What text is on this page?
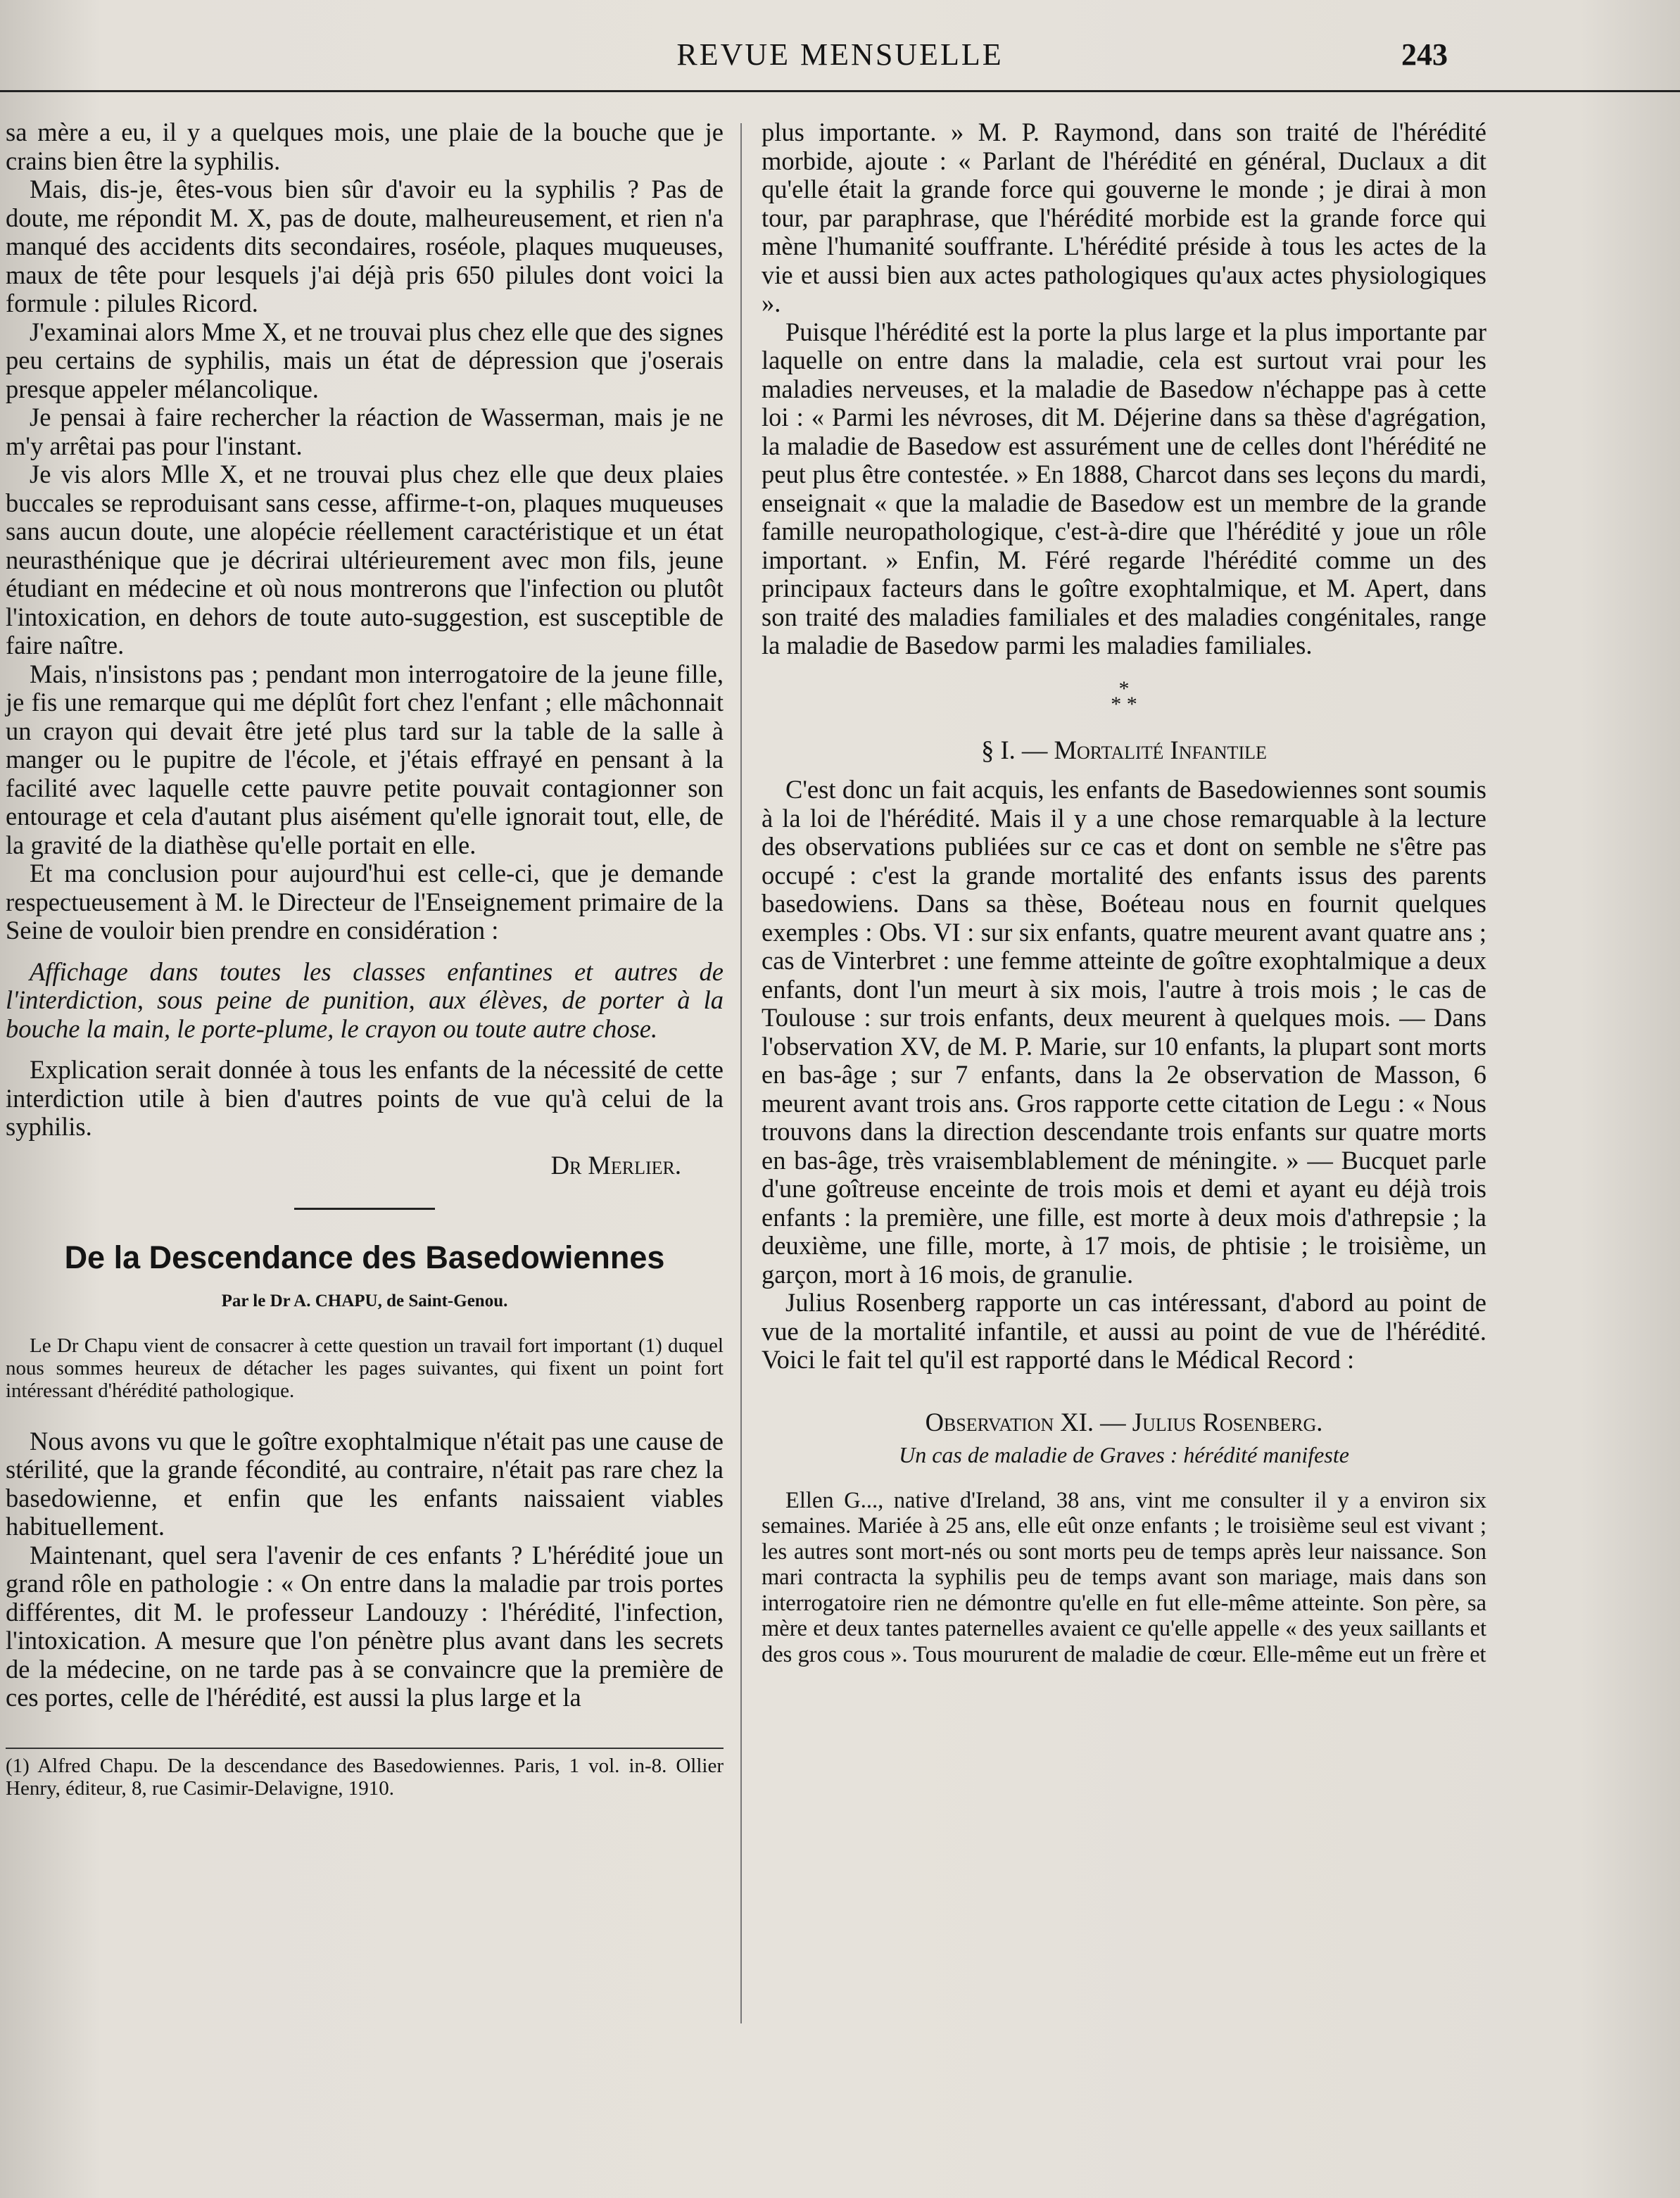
REVUE MENSUELLE	243

sa mère a eu, il y a quelques mois, une plaie de la bouche que je crains bien être la syphilis.

Mais, dis-je, êtes-vous bien sûr d'avoir eu la syphilis ? Pas de doute, me répondit M. X, pas de doute, malheureusement, et rien n'a manqué des accidents dits secondaires, roséole, plaques muqueuses, maux de tête pour lesquels j'ai déjà pris 650 pilules dont voici la formule : pilules Ricord.

J'examinai alors Mme X, et ne trouvai plus chez elle que des signes peu certains de syphilis, mais un état de dépression que j'oserais presque appeler mélancolique.

Je pensai à faire rechercher la réaction de Wasserman, mais je ne m'y arrêtai pas pour l'instant.

Je vis alors Mlle X, et ne trouvai plus chez elle que deux plaies buccales se reproduisant sans cesse, affirme-t-on, plaques muqueuses sans aucun doute, une alopécie réellement caractéristique et un état neurasthénique que je décrirai ultérieurement avec mon fils, jeune étudiant en médecine et où nous montrerons que l'infection ou plutôt l'intoxication, en dehors de toute auto-suggestion, est susceptible de faire naître.

Mais, n'insistons pas ; pendant mon interrogatoire de la jeune fille, je fis une remarque qui me déplût fort chez l'enfant ; elle mâchonnait un crayon qui devait être jeté plus tard sur la table de la salle à manger ou le pupitre de l'école, et j'étais effrayé en pensant à la facilité avec laquelle cette pauvre petite pouvait contagionner son entourage et cela d'autant plus aisément qu'elle ignorait tout, elle, de la gravité de la diathèse qu'elle portait en elle.

Et ma conclusion pour aujourd'hui est celle-ci, que je demande respectueusement à M. le Directeur de l'Enseignement primaire de la Seine de vouloir bien prendre en considération :

Affichage dans toutes les classes enfantines et autres de l'interdiction, sous peine de punition, aux élèves, de porter à la bouche la main, le porte-plume, le crayon ou toute autre chose.

Explication serait donnée à tous les enfants de la nécessité de cette interdiction utile à bien d'autres points de vue qu'à celui de la syphilis.

Dr Merlier.
De la Descendance des Basedowiennes
Par le Dr A. CHAPU, de Saint-Genou.

Le Dr Chapu vient de consacrer à cette question un travail fort important (1) duquel nous sommes heureux de détacher les pages suivantes, qui fixent un point fort intéressant d'hérédité pathologique.

Nous avons vu que le goître exophtalmique n'était pas une cause de stérilité, que la grande fécondité, au contraire, n'était pas rare chez la basedowienne, et enfin que les enfants naissaient viables habituellement.

Maintenant, quel sera l'avenir de ces enfants ? L'hérédité joue un grand rôle en pathologie : « On entre dans la maladie par trois portes différentes, dit M. le professeur Landouzy : l'hérédité, l'infection, l'intoxication. A mesure que l'on pénètre plus avant dans les secrets de la médecine, on ne tarde pas à se convaincre que la première de ces portes, celle de l'hérédité, est aussi la plus large et la

(1) Alfred Chapu. De la descendance des Basedowiennes. Paris, 1 vol. in-8. Ollier Henry, éditeur, 8, rue Casimir-Delavigne, 1910.

plus importante. » M. P. Raymond, dans son traité de l'hérédité morbide, ajoute : « Parlant de l'hérédité en général, Duclaux a dit qu'elle était la grande force qui gouverne le monde ; je dirai à mon tour, par paraphrase, que l'hérédité morbide est la grande force qui mène l'humanité souffrante. L'hérédité préside à tous les actes de la vie et aussi bien aux actes pathologiques qu'aux actes physiologiques ».

Puisque l'hérédité est la porte la plus large et la plus importante par laquelle on entre dans la maladie, cela est surtout vrai pour les maladies nerveuses, et la maladie de Basedow n'échappe pas à cette loi : « Parmi les névroses, dit M. Déjerine dans sa thèse d'agrégation, la maladie de Basedow est assurément une de celles dont l'hérédité ne peut plus être contestée. » En 1888, Charcot dans ses leçons du mardi, enseignait « que la maladie de Basedow est un membre de la grande famille neuropathologique, c'est-à-dire que l'hérédité y joue un rôle important. » Enfin, M. Féré regarde l'hérédité comme un des principaux facteurs dans le goître exophtalmique, et M. Apert, dans son traité des maladies familiales et des maladies congénitales, range la maladie de Basedow parmi les maladies familiales.

*
* *

§ I. — Mortalité Infantile

C'est donc un fait acquis, les enfants de Basedowiennes sont soumis à la loi de l'hérédité. Mais il y a une chose remarquable à la lecture des observations publiées sur ce cas et dont on semble ne s'être pas occupé : c'est la grande mortalité des enfants issus des parents basedowiens. Dans sa thèse, Boéteau nous en fournit quelques exemples : Obs. VI : sur six enfants, quatre meurent avant quatre ans ; cas de Vinterbret : une femme atteinte de goître exophtalmique a deux enfants, dont l'un meurt à six mois, l'autre à trois mois ; le cas de Toulouse : sur trois enfants, deux meurent à quelques mois. — Dans l'observation XV, de M. P. Marie, sur 10 enfants, la plupart sont morts en bas-âge ; sur 7 enfants, dans la 2e observation de Masson, 6 meurent avant trois ans. Gros rapporte cette citation de Legu : « Nous trouvons dans la direction descendante trois enfants sur quatre morts en bas-âge, très vraisemblablement de méningite. » — Bucquet parle d'une goîtreuse enceinte de trois mois et demi et ayant eu déjà trois enfants : la première, une fille, est morte à deux mois d'athrepsie ; la deuxième, une fille, morte, à 17 mois, de phtisie ; le troisième, un garçon, mort à 16 mois, de granulie.

Julius Rosenberg rapporte un cas intéressant, d'abord au point de vue de la mortalité infantile, et aussi au point de vue de l'hérédité. Voici le fait tel qu'il est rapporté dans le Médical Record :

Observation XI. — Julius Rosenberg.

Un cas de maladie de Graves : hérédité manifeste

Ellen G..., native d'Ireland, 38 ans, vint me consulter il y a environ six semaines. Mariée à 25 ans, elle eût onze enfants ; le troisième seul est vivant ; les autres sont mort-nés ou sont morts peu de temps après leur naissance. Son mari contracta la syphilis peu de temps avant son mariage, mais dans son interrogatoire rien ne démontre qu'elle en fut elle-même atteinte. Son père, sa mère et deux tantes paternelles avaient ce qu'elle appelle « des yeux saillants et des gros cous ». Tous moururent de maladie de cœur. Elle-même eut un frère et
